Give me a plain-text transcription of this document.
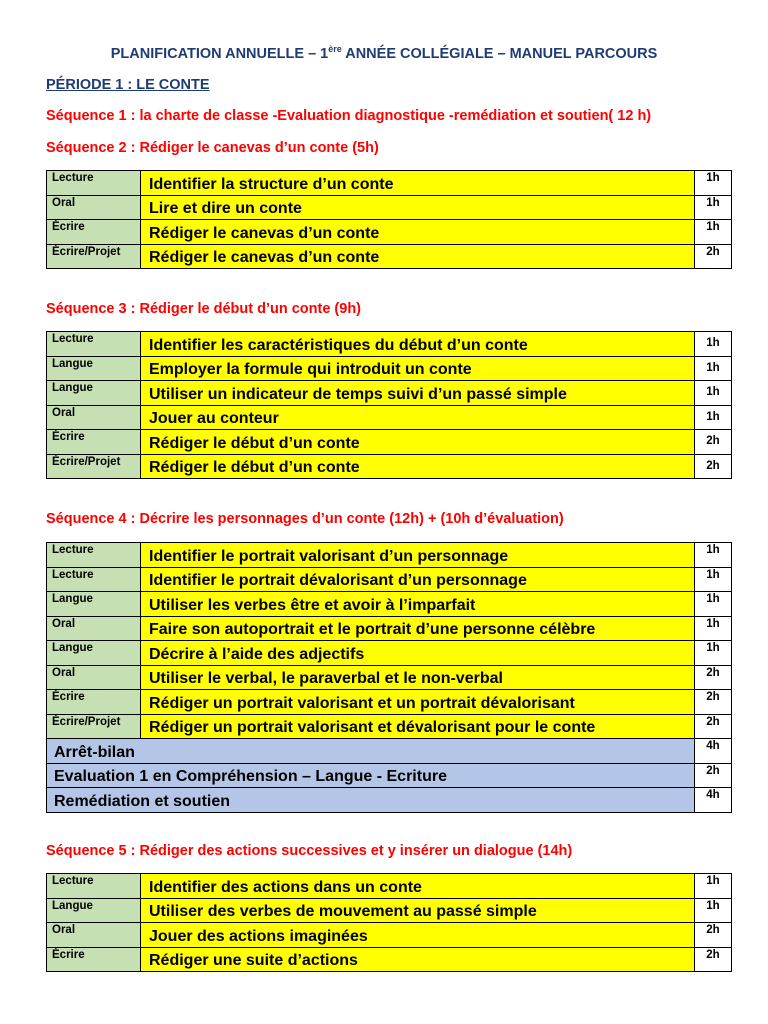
PLANIFICATION ANNUELLE – 1ère ANNÉE COLLÉGIALE – MANUEL PARCOURS
PÉRIODE 1 : LE CONTE
Séquence 1 : la charte de classe -Evaluation diagnostique -remédiation et soutien( 12 h)
Séquence 2 : Rédiger le canevas d’un conte (5h)
Lecture	Identifier la structure d’un conte	1h
Oral	Lire et dire un conte	1h
Écrire	Rédiger le canevas d’un conte	1h
Écrire/Projet	Rédiger le canevas d’un conte	2h
Séquence 3 : Rédiger le début d’un conte (9h)
Lecture	Identifier les caractéristiques du début d’un conte	1h
Langue	Employer la formule qui introduit un conte	1h
Langue	Utiliser un indicateur de temps suivi d’un passé simple	1h
Oral	Jouer au conteur	1h
Écrire	Rédiger le début d’un conte	2h
Écrire/Projet	Rédiger le début d’un conte	2h
Séquence 4 : Décrire les personnages d’un conte (12h) + (10h d’évaluation)
Lecture	Identifier le portrait valorisant d’un personnage	1h
Lecture	Identifier le portrait dévalorisant d’un personnage	1h
Langue	Utiliser les verbes être et avoir à l’imparfait	1h
Oral	Faire son autoportrait et le portrait d’une personne célèbre	1h
Langue	Décrire à l’aide des adjectifs	1h
Oral	Utiliser le verbal, le paraverbal et le non-verbal	2h
Écrire	Rédiger un portrait valorisant et un portrait dévalorisant	2h
Écrire/Projet	Rédiger un portrait valorisant et dévalorisant pour le conte	2h
Arrêt-bilan		4h
Evaluation 1 en Compréhension – Langue - Ecriture		2h
Remédiation et soutien		4h
Séquence 5 : Rédiger des actions successives et y insérer un dialogue (14h)
Lecture	Identifier des actions dans un conte	1h
Langue	Utiliser des verbes de mouvement au passé simple	1h
Oral	Jouer des actions imaginées	2h
Écrire	Rédiger une suite d’actions	2h
